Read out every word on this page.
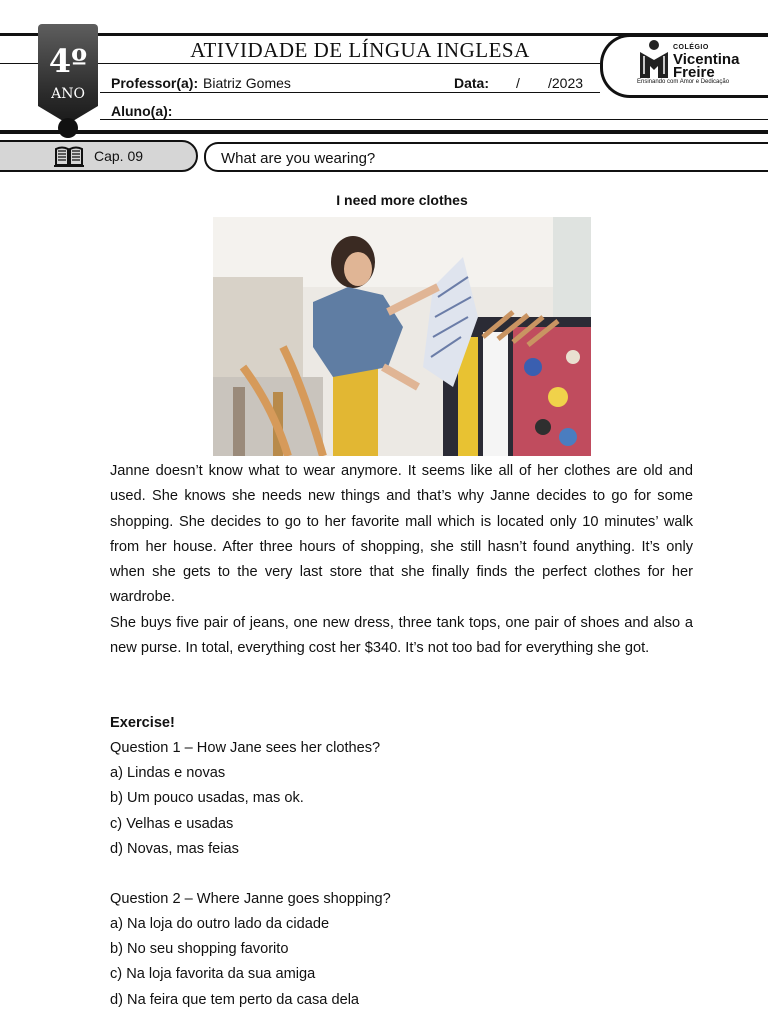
4º
ANO
ATIVIDADE DE LÍNGUA INGLESA
Professor(a): Biatriz Gomes	Data: / /2023
Aluno(a):
COLÉGIO
Vicentina
Freire
Ensinando com Amor e Dedicação
Cap. 09	What are you wearing?
I need more clothes
Janne doesn’t know what to wear anymore. It seems like all of her clothes are old and used. She knows she needs new things and that’s why Janne decides to go for some shopping. She decides to go to her favorite mall which is located only 10 minutes’ walk from her house. After three hours of shopping, she still hasn’t found anything. It’s only when she gets to the very last store that she finally finds the perfect clothes for her wardrobe.
She buys five pair of jeans, one new dress, three tank tops, one pair of shoes and also a new purse. In total, everything cost her $340. It’s not too bad for everything she got.
Exercise!
Question 1 – How Jane sees her clothes?
a) Lindas e novas
b) Um pouco usadas, mas ok.
c) Velhas e usadas
d) Novas, mas feias
Question 2 – Where Janne goes shopping?
a) Na loja do outro lado da cidade
b) No seu shopping favorito
c) Na loja favorita da sua amiga
d) Na feira que tem perto da casa dela
